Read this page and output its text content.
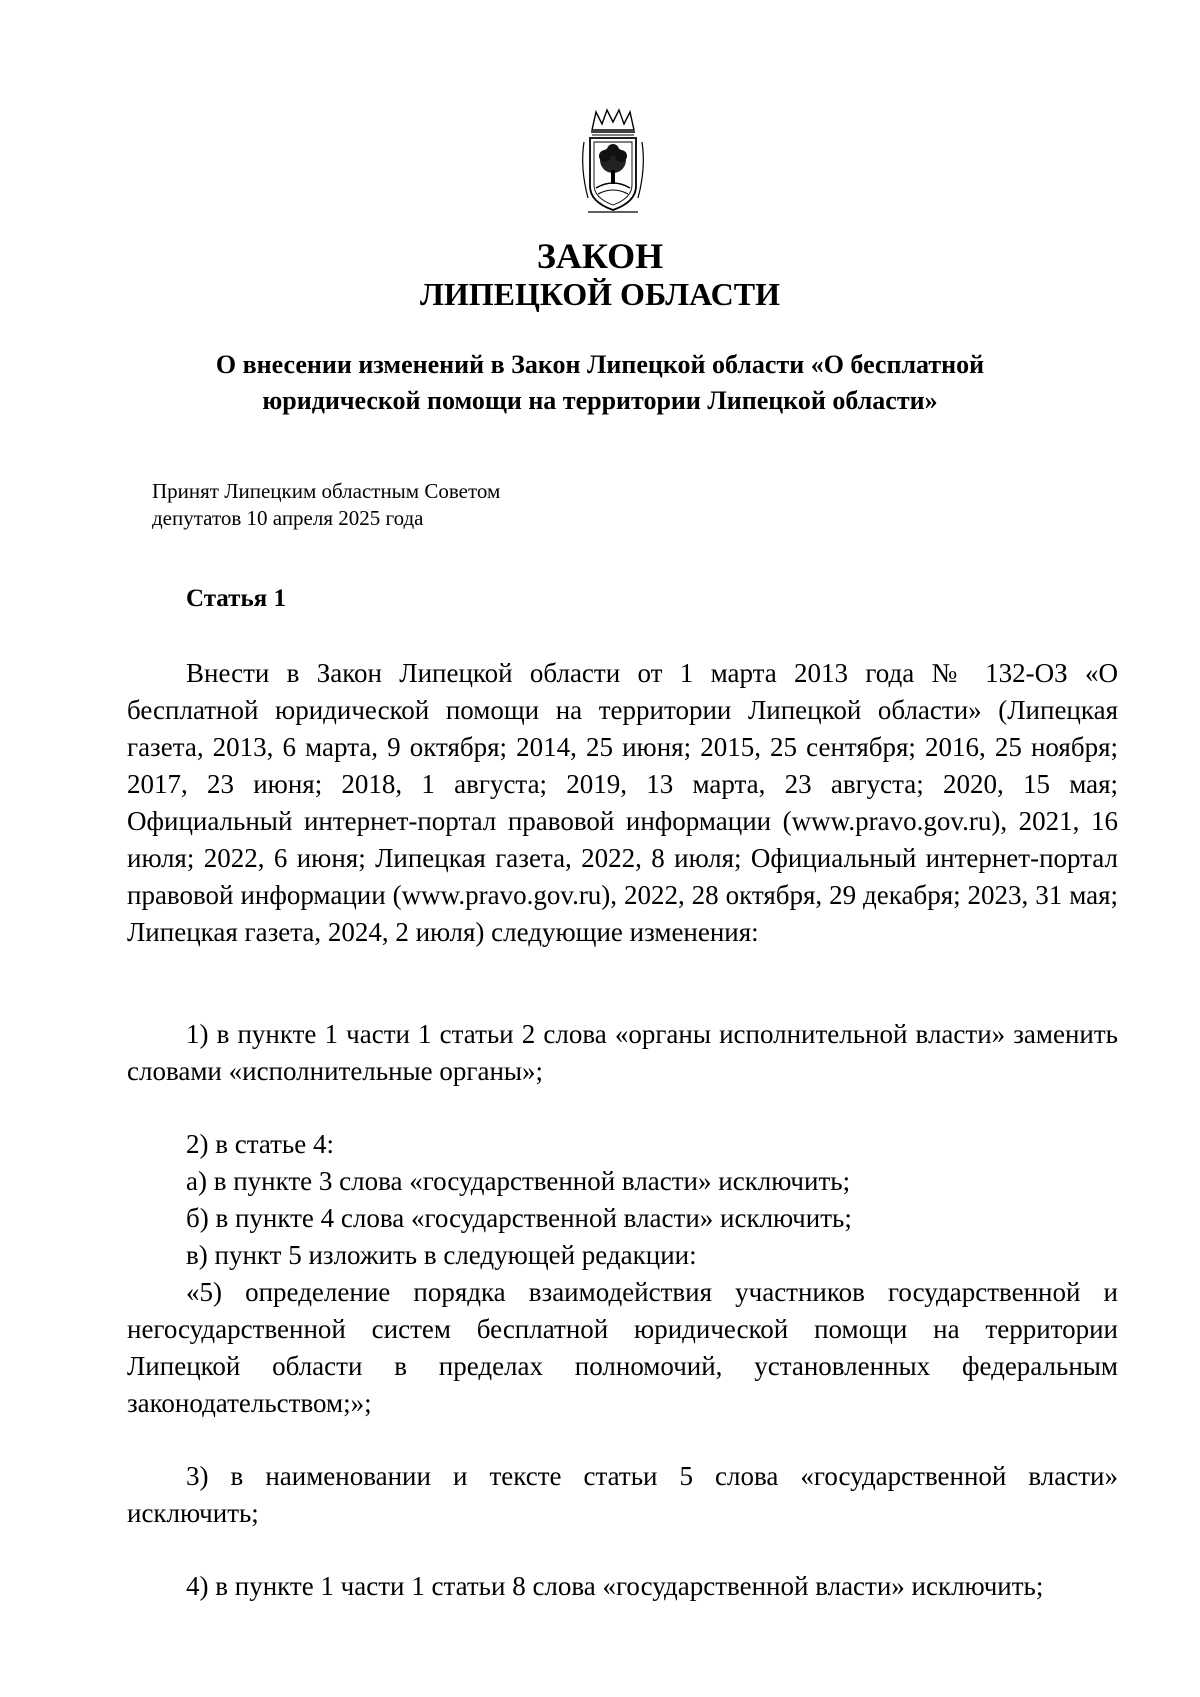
ЗАКОН
ЛИПЕЦКОЙ ОБЛАСТИ
О внесении изменений в Закон Липецкой области «О бесплатной
юридической помощи на территории Липецкой области»
Принят Липецким областным Советом
депутатов 10 апреля 2025 года
Статья 1

Внести в Закон Липецкой области от 1 марта 2013 года № 132-ОЗ «О бесплатной юридической помощи на территории Липецкой области» (Липецкая газета, 2013, 6 марта, 9 октября; 2014, 25 июня; 2015, 25 сентября; 2016, 25 ноября; 2017, 23 июня; 2018, 1 августа; 2019, 13 марта, 23 августа; 2020, 15 мая; Официальный интернет-портал правовой информации (www.pravo.gov.ru), 2021, 16 июля; 2022, 6 июня; Липецкая газета, 2022, 8 июля; Официальный интернет-портал правовой информации (www.pravo.gov.ru), 2022, 28 октября, 29 декабря; 2023, 31 мая; Липецкая газета, 2024, 2 июля) следующие изменения:

1) в пункте 1 части 1 статьи 2 слова «органы исполнительной власти» заменить словами «исполнительные органы»;

2) в статье 4:

а) в пункте 3 слова «государственной власти» исключить;

б) в пункте 4 слова «государственной власти» исключить;

в) пункт 5 изложить в следующей редакции:

«5) определение порядка взаимодействия участников государственной и негосударственной систем бесплатной юридической помощи на территории Липецкой области в пределах полномочий, установленных федеральным законодательством;»;

3) в наименовании и тексте статьи 5 слова «государственной власти» исключить;

4) в пункте 1 части 1 статьи 8 слова «государственной власти» исключить;
